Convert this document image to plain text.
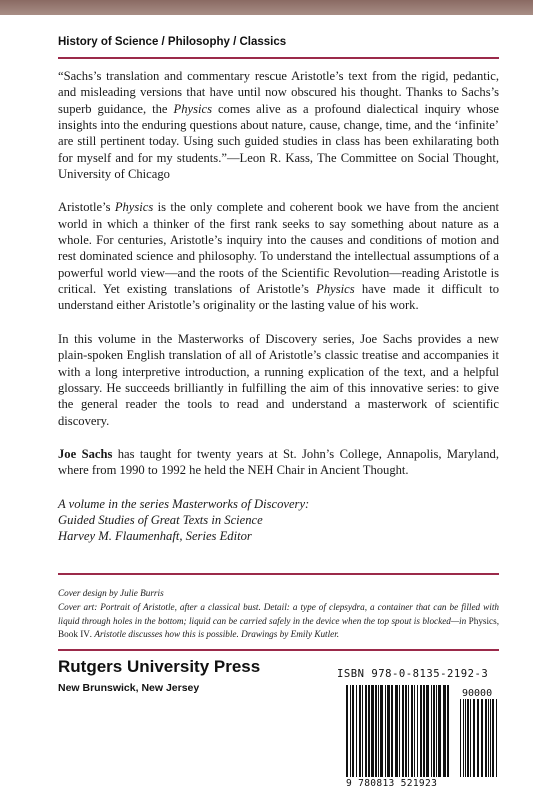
History of Science / Philosophy / Classics

“Sachs’s translation and commentary rescue Aristotle’s text from the rigid, pedantic, and misleading versions that have until now obscured his thought. Thanks to Sachs’s superb guidance, the Physics comes alive as a profound dialectical inquiry whose insights into the enduring questions about nature, cause, change, time, and the ‘infinite’ are still pertinent today. Using such guided studies in class has been exhilarating both for myself and for my students.”—Leon R. Kass, The Committee on Social Thought, University of Chicago

Aristotle’s Physics is the only complete and coherent book we have from the ancient world in which a thinker of the first rank seeks to say something about nature as a whole. For centuries, Aristotle’s inquiry into the causes and conditions of motion and rest dominated science and philosophy. To understand the intellectual assumptions of a powerful world view—and the roots of the Scientific Revolution—reading Aristotle is critical. Yet existing translations of Aristotle’s Physics have made it difficult to understand either Aristotle’s originality or the lasting value of his work.

In this volume in the Masterworks of Discovery series, Joe Sachs provides a new plain-spoken English translation of all of Aristotle’s classic treatise and accompanies it with a long interpretive introduction, a running explication of the text, and a helpful glossary. He succeeds brilliantly in fulfilling the aim of this innovative series: to give the general reader the tools to read and understand a masterwork of scientific discovery.

Joe Sachs has taught for twenty years at St. John’s College, Annapolis, Maryland, where from 1990 to 1992 he held the NEH Chair in Ancient Thought.

A volume in the series Masterworks of Discovery:
Guided Studies of Great Texts in Science
Harvey M. Flaumenhaft, Series Editor

Cover design by Julie Burris

Cover art: Portrait of Aristotle, after a classical bust. Detail: a type of clepsydra, a container that can be filled with liquid through holes in the bottom; liquid can be carried safely in the device when the top spout is blocked—in Physics, Book IV. Aristotle discusses how this is possible. Drawings by Emily Kutler.

Rutgers University Press
New Brunswick, New Jersey
ISBN 978-0-8135-2192-3
90000
9 780813 521923
